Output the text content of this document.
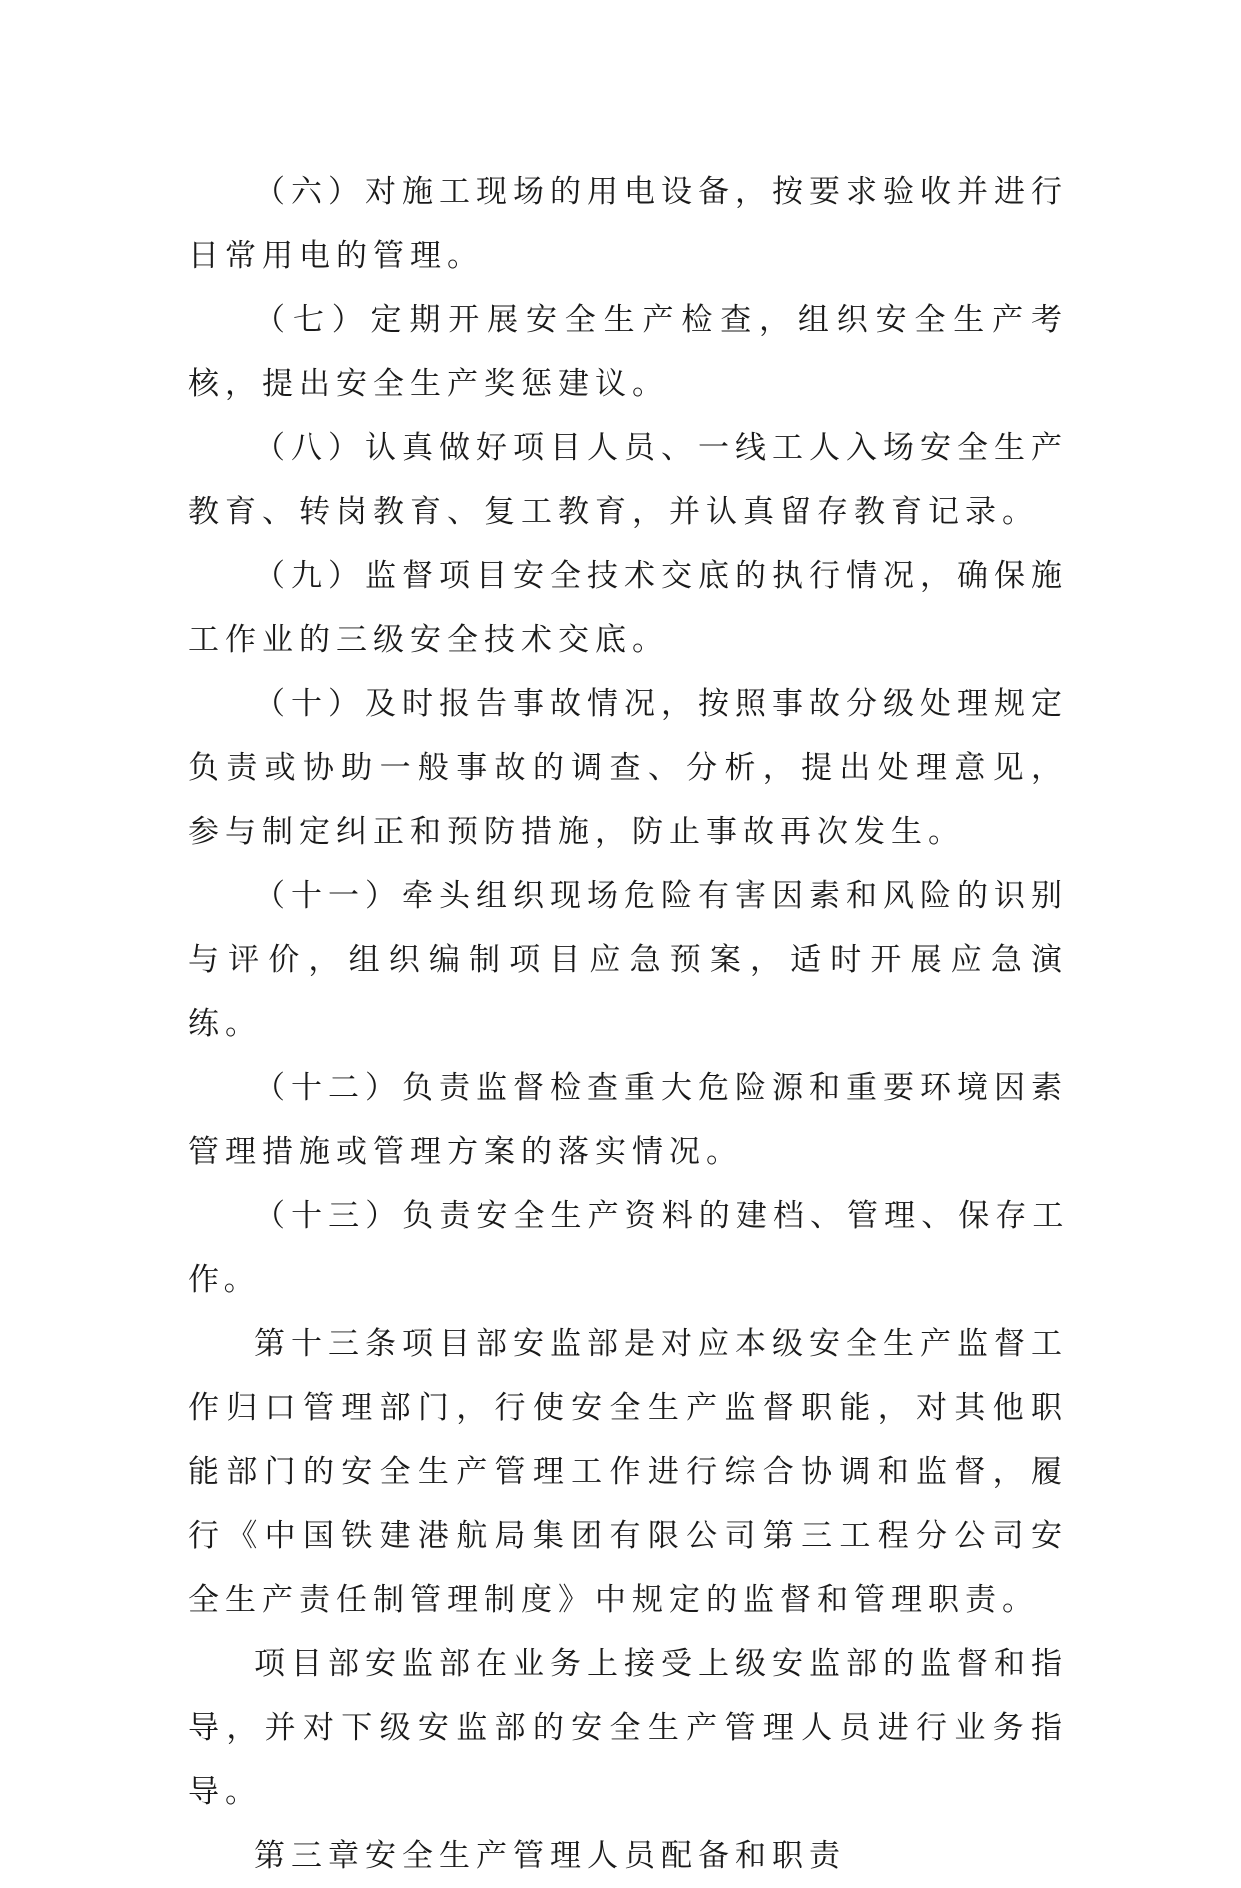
（六）对施工现场的用电设备，按要求验收并进行日常用电的管理。

（七）定期开展安全生产检查，组织安全生产考核，提出安全生产奖惩建议。

（八）认真做好项目人员、一线工人入场安全生产教育、转岗教育、复工教育，并认真留存教育记录。

（九）监督项目安全技术交底的执行情况，确保施工作业的三级安全技术交底。

（十）及时报告事故情况，按照事故分级处理规定负责或协助一般事故的调查、分析，提出处理意见，参与制定纠正和预防措施，防止事故再次发生。

（十一）牵头组织现场危险有害因素和风险的识别与评价，组织编制项目应急预案，适时开展应急演练。

（十二）负责监督检查重大危险源和重要环境因素管理措施或管理方案的落实情况。

（十三）负责安全生产资料的建档、管理、保存工作。

第十三条项目部安监部是对应本级安全生产监督工作归口管理部门，行使安全生产监督职能，对其他职能部门的安全生产管理工作进行综合协调和监督，履行《中国铁建港航局集团有限公司第三工程分公司安全生产责任制管理制度》中规定的监督和管理职责。

项目部安监部在业务上接受上级安监部的监督和指导，并对下级安监部的安全生产管理人员进行业务指导。

第三章安全生产管理人员配备和职责
